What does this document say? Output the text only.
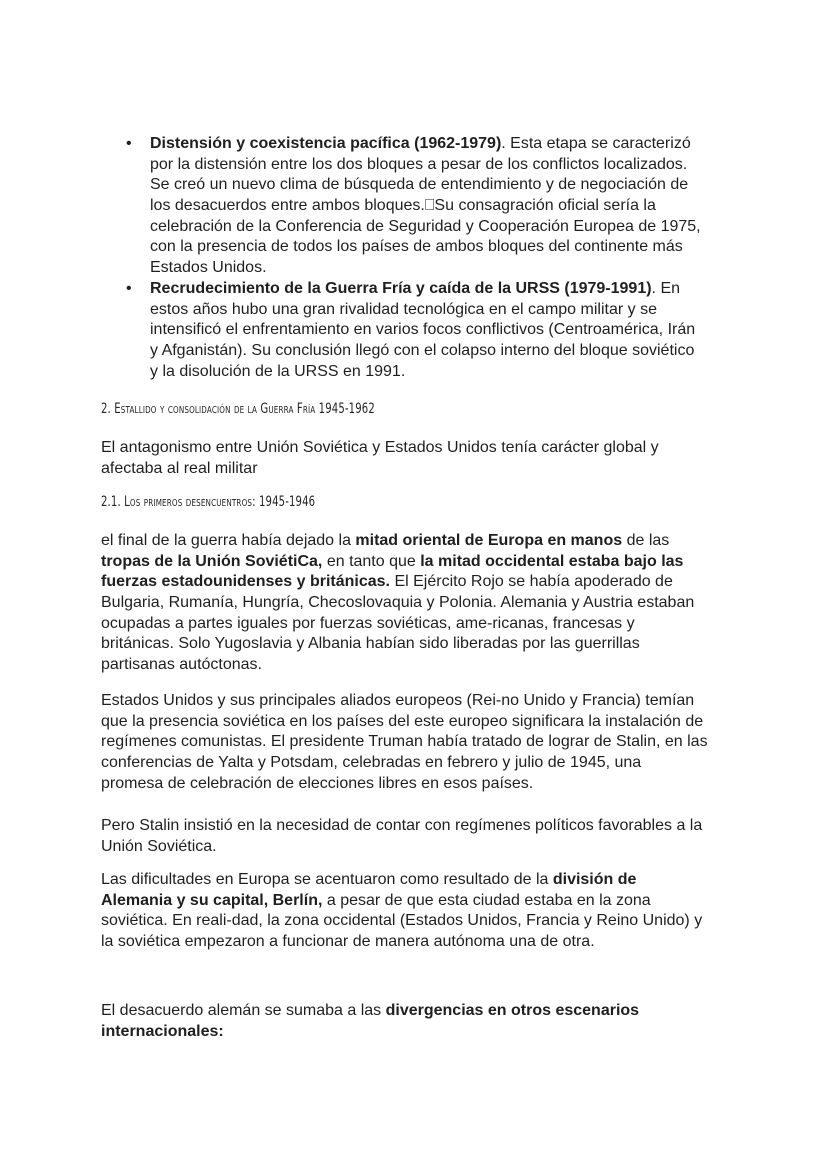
• Distensión y coexistencia pacífica (1962-1979). Esta etapa se caracterizó
por la distensión entre los dos bloques a pesar de los conflictos localizados.
Se creó un nuevo clima de búsqueda de entendimiento y de negociación de
los desacuerdos entre ambos bloques.⎕Su consagración oficial sería la
celebración de la Conferencia de Seguridad y Cooperación Europea de 1975,
con la presencia de todos los países de ambos bloques del continente más
Estados Unidos.
• Recrudecimiento de la Guerra Fría y caída de la URSS (1979-1991). En
estos años hubo una gran rivalidad tecnológica en el campo militar y se
intensificó el enfrentamiento en varios focos conflictivos (Centroamérica, Irán
y Afganistán). Su conclusión llegó con el colapso interno del bloque soviético
y la disolución de la URSS en 1991.
2. Estallido y consolidación de la Guerra Fría 1945-1962
El antagonismo entre Unión Soviética y Estados Unidos tenía carácter global y
afectaba al real militar
2.1. Los primeros desencuentros: 1945-1946
el final de la guerra había dejado la mitad oriental de Europa en manos de las
tropas de la Unión SoviétiCa, en tanto que la mitad occidental estaba bajo las
fuerzas estadounidenses y británicas. El Ejército Rojo se había apoderado de
Bulgaria, Rumanía, Hungría, Checoslovaquia y Polonia. Alemania y Austria estaban
ocupadas a partes iguales por fuerzas soviéticas, ame-ricanas, francesas y
británicas. Solo Yugoslavia y Albania habían sido liberadas por las guerrillas
partisanas autóctonas.
Estados Unidos y sus principales aliados europeos (Rei-no Unido y Francia) temían
que la presencia soviética en los países del este europeo significara la instalación de
regímenes comunistas. El presidente Truman había tratado de lograr de Stalin, en las
conferencias de Yalta y Potsdam, celebradas en febrero y julio de 1945, una
promesa de celebración de elecciones libres en esos países.
Pero Stalin insistió en la necesidad de contar con regímenes políticos favorables a la
Unión Soviética.
Las dificultades en Europa se acentuaron como resultado de la división de
Alemania y su capital, Berlín, a pesar de que esta ciudad estaba en la zona
soviética. En reali-dad, la zona occidental (Estados Unidos, Francia y Reino Unido) y
la soviética empezaron a funcionar de manera autónoma una de otra.
El desacuerdo alemán se sumaba a las divergencias en otros escenarios
internacionales:
